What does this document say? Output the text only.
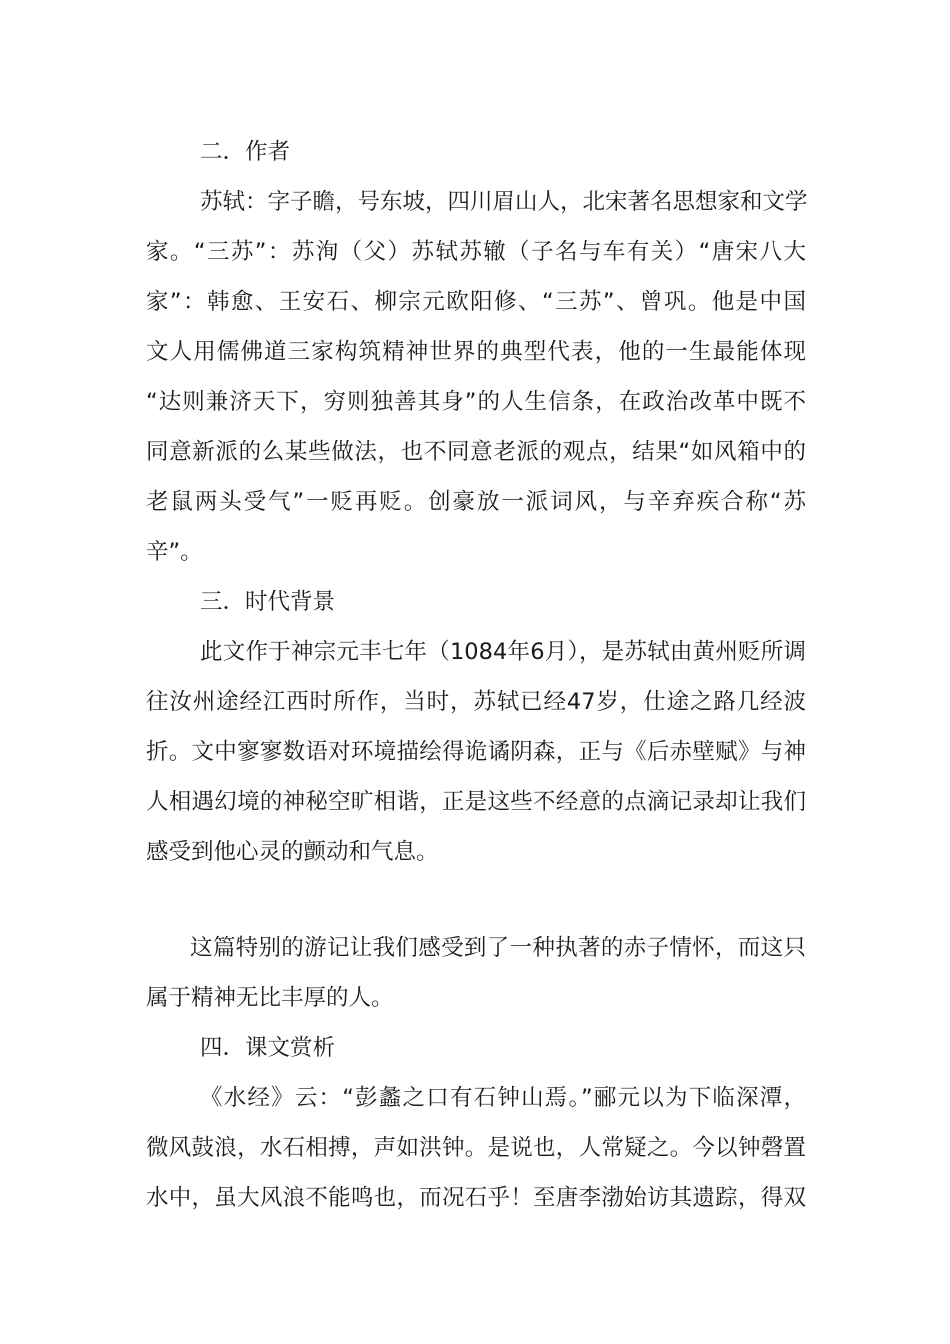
二．作者
苏轼：字子瞻，号东坡，四川眉山人，北宋著名思想家和文学
家。“三苏”：苏洵（父）苏轼苏辙（子名与车有关）“唐宋八大
家”：韩愈、王安石、柳宗元欧阳修、“三苏”、曾巩。他是中国
文人用儒佛道三家构筑精神世界的典型代表，他的一生最能体现
“达则兼济天下，穷则独善其身”的人生信条，在政治改革中既不
同意新派的么某些做法，也不同意老派的观点，结果“如风箱中的
老鼠两头受气”一贬再贬。创豪放一派词风，与辛弃疾合称“苏
辛”。
三．时代背景
此文作于神宗元丰七年（1084年6月），是苏轼由黄州贬所调
往汝州途经江西时所作，当时，苏轼已经47岁，仕途之路几经波
折。文中寥寥数语对环境描绘得诡谲阴森，正与《后赤壁赋》与神
人相遇幻境的神秘空旷相谐，正是这些不经意的点滴记录却让我们
感受到他心灵的颤动和气息。
这篇特别的游记让我们感受到了一种执著的赤子情怀，而这只
属于精神无比丰厚的人。
四．课文赏析
《水经》云：“彭蠡之口有石钟山焉。”郦元以为下临深潭，
微风鼓浪，水石相搏，声如洪钟。是说也，人常疑之。今以钟磬置
水中，虽大风浪不能鸣也，而况石乎！至唐李渤始访其遗踪，得双
